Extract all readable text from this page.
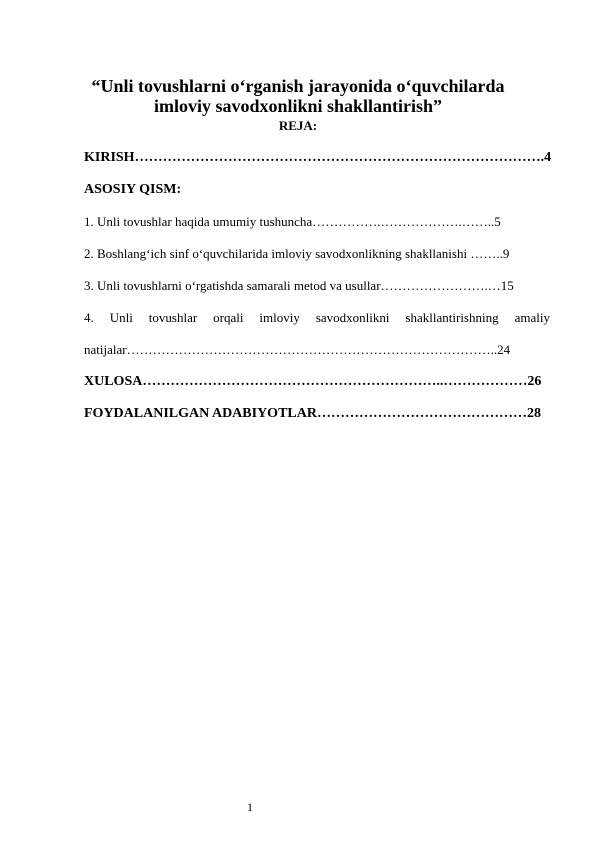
“Unli tovushlarni o‘rganish jarayonida o‘quvchilarda
imloviy savodxonlikni shakllantirish”
REJA:
KIRISH…………………………………………………………………………….4
ASOSIY QISM:
1. Unli tovushlar haqida umumiy tushuncha…………….……………….……..5
2. Boshlang‘ich sinf o‘quvchilarida imloviy savodxonlikning shakllanishi ……..9
3. Unli tovushlarni o‘rgatishda samarali metod va usullar…………………….…15
4. Unli tovushlar orqali imloviy savodxonlikni shakllantirishning amaliy
natijalar…………………………………………………………………………..24
XULOSA………………………………………………………..………………26
FOYDALANILGAN ADABIYOTLAR………………………………………28
1
